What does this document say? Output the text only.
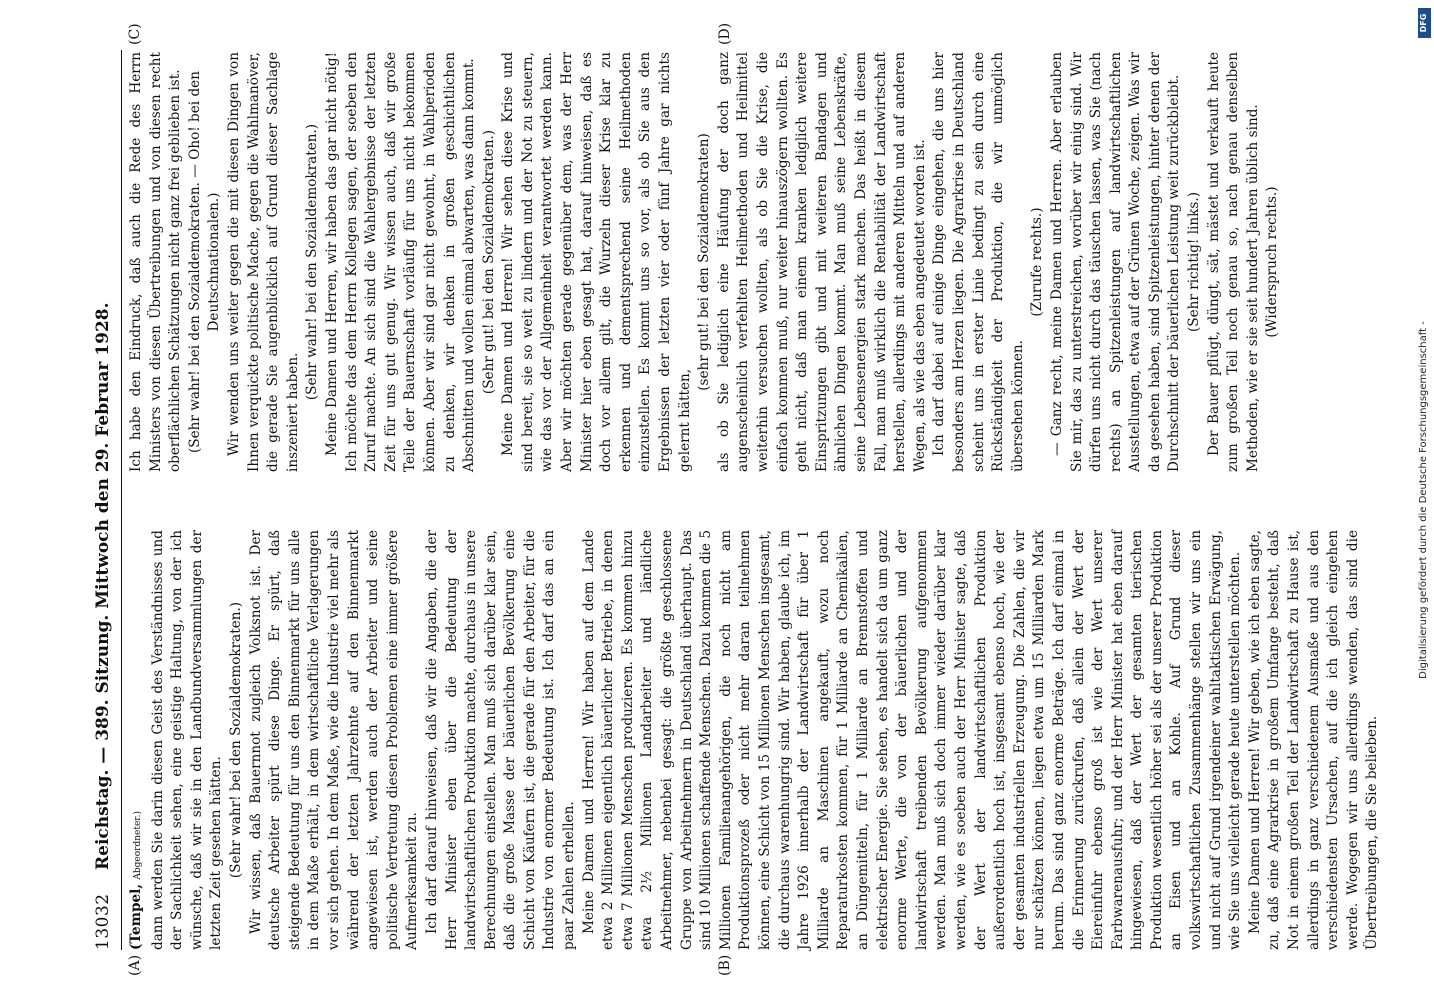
13032
Reichstag. — 389. Sitzung. Mittwoch den 29. Februar 1928.
(A)	(B)
(C)	(D)

(Tempel, Abgeordneter.) dann werden Sie darin diesen Geist des Verständnisses und der Sachlichkeit sehen, eine geistige Haltung, von der ich wünsche, daß wir sie in den Landbundversammlungen der letzten Zeit gesehen hätten. (Sehr wahr! bei den Sozialdemokraten.) Wir wissen, daß Bauernnot zugleich Volksnot ist. Der deutsche Arbeiter spürt diese Dinge. Er spürt, daß steigende Bedeutung für uns den Binnenmarkt für uns alle in dem Maße erhält, in dem wirtschaftliche Verlagerungen vor sich gehen. In dem Maße, wie die Industrie viel mehr als während der letzten Jahrzehnte auf den Binnenmarkt angewiesen ist, werden auch der Arbeiter und seine politische Vertretung diesen Problemen eine immer größere Aufmerksamkeit zu. Ich darf darauf hinweisen, daß wir die Angaben, die der Herr Minister eben über die Bedeutung der landwirtschaftlichen Produktion machte, durchaus in unsere Berechnungen einstellen. Man muß sich darüber klar sein, daß die große Masse der bäuerlichen Bevölkerung eine Schicht von Käufern ist, die gerade für den Arbeiter, für die Industrie von enormer Bedeutung ist. Ich darf das an ein paar Zahlen erhellen. Meine Damen und Herren! Wir haben auf dem Lande etwa 2 Millionen eigentlich bäuerlicher Betriebe, in denen etwa 7 Millionen Menschen produzieren. Es kommen hinzu etwa 2½ Millionen Landarbeiter und ländliche Arbeitnehmer, nebenbei gesagt: die größte geschlossene Gruppe von Arbeitnehmern in Deutschland überhaupt. Das sind 10 Millionen schaffende Menschen. Dazu kommen die 5 Millionen Familienangehörigen, die noch nicht am Produktionsprozeß oder nicht mehr daran teilnehmen können, eine Schicht von 15 Millionen Menschen insgesamt, die durchaus warenhungrig sind. Wir haben, glaube ich, im Jahre 1926 innerhalb der Landwirtschaft für über 1 Milliarde an Maschinen angekauft, wozu noch Reparaturkosten kommen, für 1 Milliarde an Chemikalien, an Düngemitteln, für 1 Milliarde an Brennstoffen und elektrischer Energie. Sie sehen, es handelt sich da um ganz enorme Werte, die von der bäuerlichen und der landwirtschaft treibenden Bevölkerung aufgenommen werden. Man muß sich doch immer wieder darüber klar werden, wie es soeben auch der Herr Minister sagte, daß der Wert der landwirtschaftlichen Produktion außerordentlich hoch ist, insgesamt ebenso hoch, wie der der gesamten industriellen Erzeugung. Die Zahlen, die wir nur schätzen können, liegen etwa um 15 Milliarden Mark herum. Das sind ganz enorme Beträge. Ich darf einmal in die Erinnerung zurückrufen, daß allein der Wert der Eiereinfuhr ebenso groß ist wie der Wert unserer Farbwarenausfuhr; und der Herr Minister hat eben darauf hingewiesen, daß der Wert der gesamten tierischen Produktion wesentlich höher sei als der unserer Produktion an Eisen und an Kohle. Auf Grund dieser volkswirtschaftlichen Zusammenhänge stellen wir uns ein und nicht auf Grund irgendeiner wahltaktischen Erwägung, wie Sie uns vielleicht gerade heute unterstellen möchten. Meine Damen und Herren! Wir geben, wie ich eben sagte, zu, daß eine Agrarkrise in großem Umfange besteht, daß Not in einem großen Teil der Landwirtschaft zu Hause ist, allerdings in ganz verschiedenem Ausmaße und aus den verschiedensten Ursachen, auf die ich gleich eingehen werde. Wogegen wir uns allerdings wenden, das sind die Übertreibungen, die Sie belieben.

Ich habe den Eindruck, daß auch die Rede des Herrn Ministers von diesen Übertreibungen und von diesen recht oberflächlichen Schätzungen nicht ganz frei geblieben ist. (Sehr wahr! bei den Sozialdemokraten. — Oho! bei den Deutschnationalen.) Wir wenden uns weiter gegen die mit diesen Dingen von Ihnen verquickte politische Mache, gegen die Wahlmanöver, die gerade Sie augenblicklich auf Grund dieser Sachlage inszeniert haben.

(Sehr wahr! bei den Sozialdemokraten.) Meine Damen und Herren, wir haben das gar nicht nötig! Ich möchte das dem Herrn Kollegen sagen, der soeben den Zuruf machte. An sich sind die Wahlergebnisse der letzten Zeit für uns gut genug. Wir wissen auch, daß wir große Teile der Bauernschaft vorläufig für uns nicht bekommen können. Aber wir sind gar nicht gewohnt, in Wahlperioden zu denken, wir denken in großen geschichtlichen Abschnitten und wollen einmal abwarten, was dann kommt. (Sehr gut! bei den Sozialdemokraten.) Meine Damen und Herren! Wir sehen diese Krise und sind bereit, sie so weit zu lindern und der Not zu steuern, wie das vor der Allgemeinheit verantwortet werden kann. Aber wir möchten gerade gegenüber dem, was der Herr Minister hier eben gesagt hat, darauf hinweisen, daß es doch vor allem gilt, die Wurzeln dieser Krise klar zu erkennen und dementsprechend seine Heilmethoden einzustellen. Es kommt uns so vor, als ob Sie aus den Ergebnissen der letzten vier oder fünf Jahre gar nichts gelernt hätten,

(sehr gut! bei den Sozialdemokraten) als ob Sie lediglich eine Häufung der doch ganz augenscheinlich verfehlten Heilmethoden und Heilmittel weiterhin versuchen wollten, als ob Sie die Krise, die einfach kommen muß, nur weiter hinauszögern wollten. Es geht nicht, daß man einem kranken lediglich weitere Einspritzungen gibt und mit weiteren Bandagen und ähnlichen Dingen kommt. Man muß seine Lebenskräfte, seine Lebensenergien stark machen. Das heißt in diesem Fall, man muß wirklich die Rentabilität der Landwirtschaft herstellen, allerdings mit anderen Mitteln und auf anderen Wegen, als wie das eben angedeutet worden ist. Ich darf dabei auf einige Dinge eingehen, die uns hier besonders am Herzen liegen. Die Agrarkrise in Deutschland scheint uns in erster Linie bedingt zu sein durch eine Rückständigkeit der Produktion, die wir unmöglich übersehen können.

(Zurufe rechts.) — Ganz recht, meine Damen und Herren. Aber erlauben Sie mir, das zu unterstreichen, worüber wir einig sind. Wir dürfen uns nicht durch das täuschen lassen, was Sie (nach rechts) an Spitzenleistungen auf landwirtschaftlichen Ausstellungen, etwa auf der Grünen Woche, zeigen. Was wir da gesehen haben, sind Spitzenleistungen, hinter denen der Durchschnitt der bäuerlichen Leistung weit zurückbleibt. (Sehr richtig! links.) Der Bauer pflügt, düngt, sät, mästet und verkauft heute zum großen Teil noch genau so, nach genau denselben Methoden, wie er sie seit hundert Jahren üblich sind. (Widerspruch rechts.)

Digitalisierung gefördert durch die Deutsche Forschungsgemeinschaft -
DFG
